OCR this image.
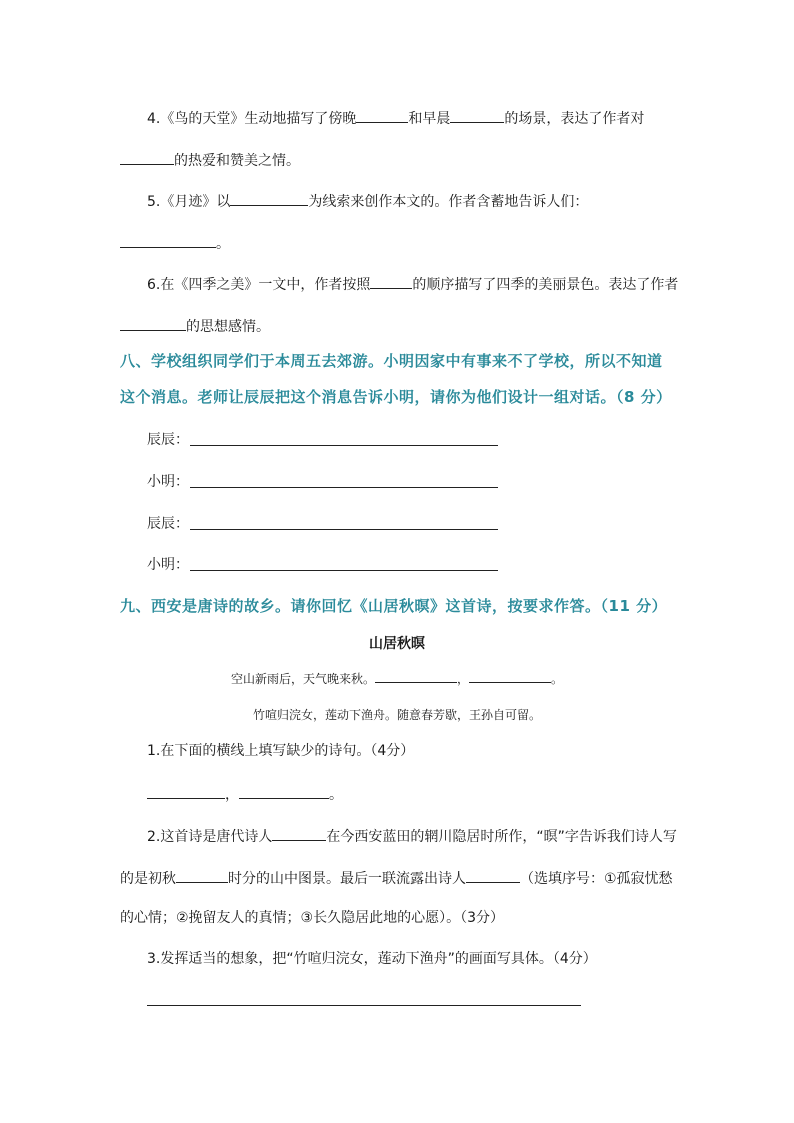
4.《鸟的天堂》生动地描写了傍晚	和早晨	的场景，表达了作者对
的热爱和赞美之情。
5.《月迹》以	为线索来创作本文的。作者含蓄地告诉人们：
。
6.在《四季之美》一文中，作者按照	的顺序描写了四季的美丽景色。表达了作者
的思想感情。
八、学校组织同学们于本周五去郊游。小明因家中有事来不了学校，所以不知道
这个消息。老师让辰辰把这个消息告诉小明，请你为他们设计一组对话。（8 分）
辰辰：
小明：
辰辰：
小明：
九、西安是唐诗的故乡。请你回忆《山居秋暝》这首诗，按要求作答。（11 分）
山居秋暝
空山新雨后，天气晚来秋。	，	。
竹喧归浣女，莲动下渔舟。随意春芳歇，王孙自可留。
1.在下面的横线上填写缺少的诗句。（4分）
，	。
2.这首诗是唐代诗人	在今西安蓝田的辋川隐居时所作，“暝”字告诉我们诗人写
的是初秋	时分的山中图景。最后一联流露出诗人	（选填序号：①孤寂忧愁
的心情；②挽留友人的真情；③长久隐居此地的心愿）。（3分）
3.发挥适当的想象，把“竹喧归浣女，莲动下渔舟”的画面写具体。（4分）
